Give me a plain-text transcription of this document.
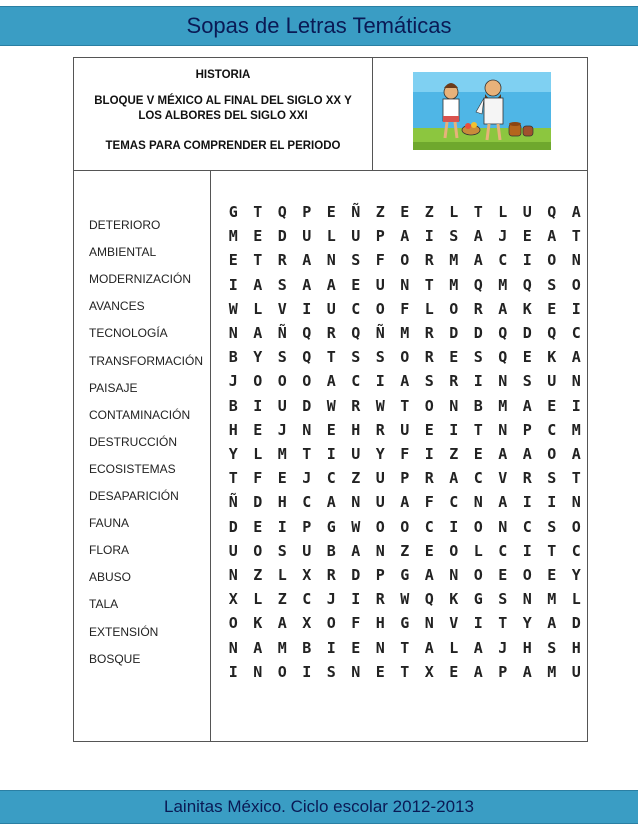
Sopas de Letras Temáticas
HISTORIA
BLOQUE V MÉXICO AL FINAL DEL SIGLO XX Y
LOS ALBORES DEL SIGLO XXI
TEMAS PARA COMPRENDER EL PERIODO
DETERIORO
AMBIENTAL
MODERNIZACIÓN
AVANCES
TECNOLOGÍA
TRANSFORMACIÓN
PAISAJE
CONTAMINACIÓN
DESTRUCCIÓN
ECOSISTEMAS
DESAPARICIÓN
FAUNA
FLORA
ABUSO
TALA
EXTENSIÓN
BOSQUE
G	T	Q	P	E	Ñ	Z	E	Z	L	T	L	U	Q	A
M	E	D	U	L	U	P	A	I	S	A	J	E	A	T
E	T	R	A	N	S	F	O	R	M	A	C	I	O	N
I	A	S	A	A	E	U	N	T	M	Q	M	Q	S	O
W	L	V	I	U	C	O	F	L	O	R	A	K	E	I
N	A	Ñ	Q	R	Q	Ñ	M	R	D	D	Q	D	Q	C
B	Y	S	Q	T	S	S	O	R	E	S	Q	E	K	A
J	O	O	O	A	C	I	A	S	R	I	N	S	U	N
B	I	U	D	W	R	W	T	O	N	B	M	A	E	I
H	E	J	N	E	H	R	U	E	I	T	N	P	C	M
Y	L	M	T	I	U	Y	F	I	Z	E	A	A	O	A
T	F	E	J	C	Z	U	P	R	A	C	V	R	S	T
Ñ	D	H	C	A	N	U	A	F	C	N	A	I	I	N
D	E	I	P	G	W	O	O	C	I	O	N	C	S	O
U	O	S	U	B	A	N	Z	E	O	L	C	I	T	C
N	Z	L	X	R	D	P	G	A	N	O	E	O	E	Y
X	L	Z	C	J	I	R	W	Q	K	G	S	N	M	L
O	K	A	X	O	F	H	G	N	V	I	T	Y	A	D
N	A	M	B	I	E	N	T	A	L	A	J	H	S	H
I	N	O	I	S	N	E	T	X	E	A	P	A	M	U
Lainitas México. Ciclo escolar 2012-2013
